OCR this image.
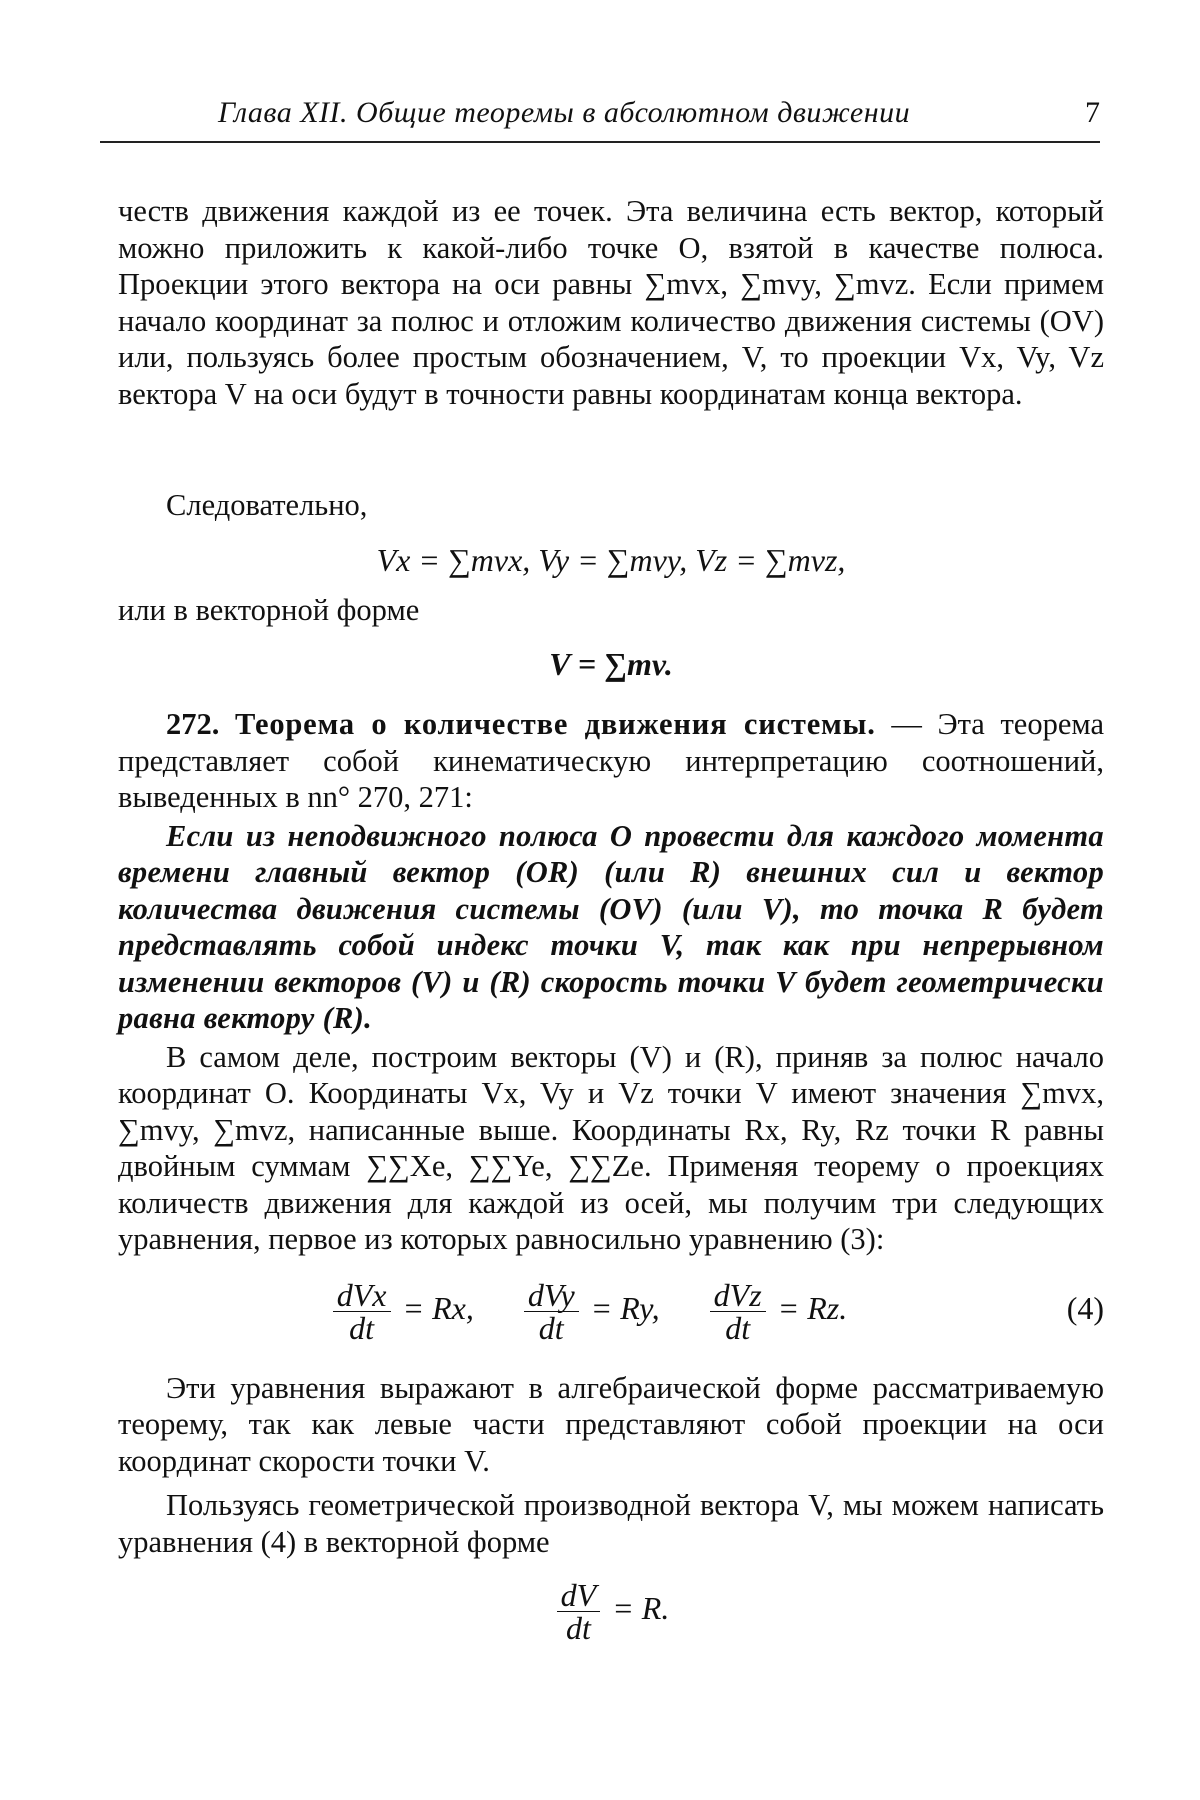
Глава XII. Общие теоремы в абсолютном движении	7

честв движения каждой из ее точек. Эта величина есть вектор, который можно приложить к какой-либо точке O, взятой в качестве полюса. Проекции этого вектора на оси равны ∑mvx, ∑mvy, ∑mvz. Если примем начало координат за полюс и отложим количество движения системы (OV) или, пользуясь более простым обозначением, V, то проекции Vx, Vy, Vz вектора V на оси будут в точности равны координатам конца вектора.

Следовательно,

Vx = ∑mvx, Vy = ∑mvy, Vz = ∑mvz,

или в векторной форме

V = ∑mv.

272. Теорема о количестве движения системы. — Эта теорема представляет собой кинематическую интерпретацию соотношений, выведенных в nn° 270, 271:

Если из неподвижного полюса O провести для каждого момента времени главный вектор (OR) (или R) внешних сил и вектор количества движения системы (OV) (или V), то точка R будет представлять собой индекс точки V, так как при непрерывном изменении векторов (V) и (R) скорость точки V будет геометрически равна вектору (R).

В самом деле, построим векторы (V) и (R), приняв за полюс начало координат O. Координаты Vx, Vy и Vz точки V имеют значения ∑mvx, ∑mvy, ∑mvz, написанные выше. Координаты Rx, Ry, Rz точки R равны двойным суммам ∑∑Xe, ∑∑Ye, ∑∑Ze. Применяя теорему о проекциях количеств движения для каждой из осей, мы получим три следующих уравнения, первое из которых равносильно уравнению (3):

$\frac{\text{dVx}}{dt} = Rx$, $\frac{\text{dVy}}{dt} = Ry$, $\frac{\text{dVz}}{dt} = Rz$.	(4)

Эти уравнения выражают в алгебраической форме рассматриваемую теорему, так как левые части представляют собой проекции на оси координат скорости точки V.

Пользуясь геометрической производной вектора V, мы можем написать уравнения (4) в векторной форме

$\frac{dV}{dt} = R$.
